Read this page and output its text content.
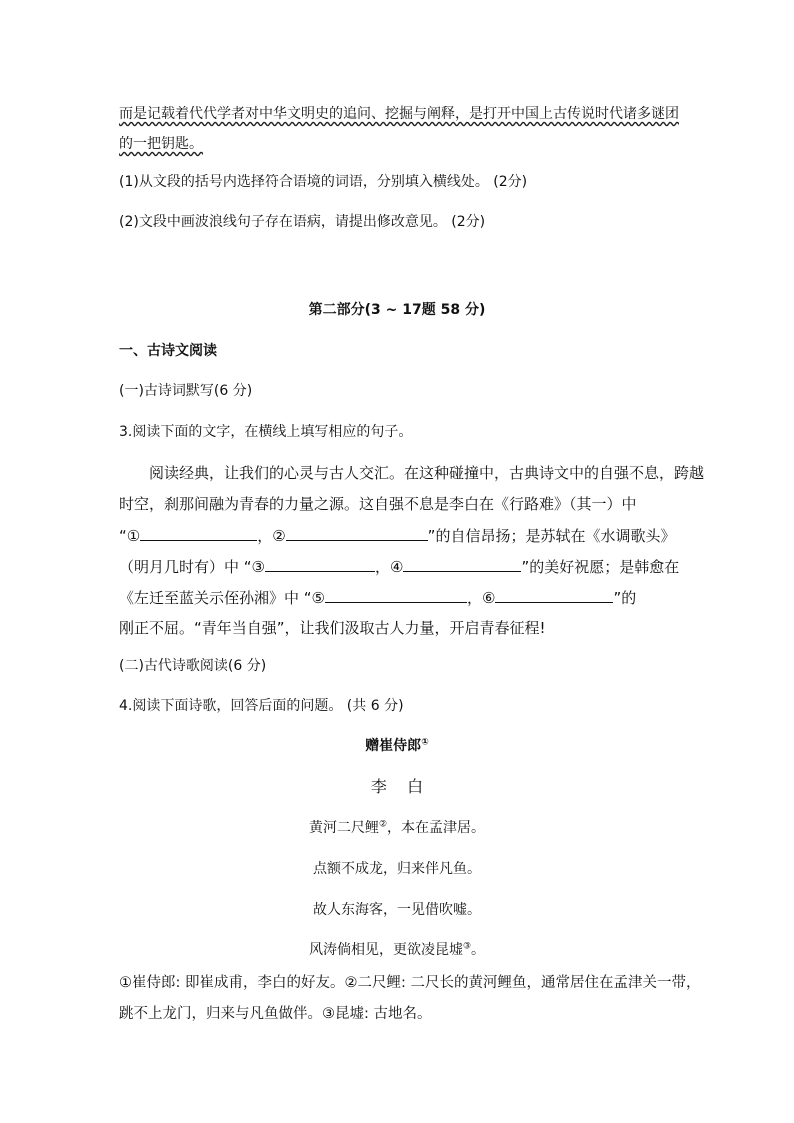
而是记载着代代学者对中华文明史的追问、挖掘与阐释，是打开中国上古传说时代诸多谜团
的一把钥匙。
(1)从文段的括号内选择符合语境的词语，分别填入横线处。 (2分)
(2)文段中画波浪线句子存在语病，请提出修改意见。 (2分)
第二部分(3 ~ 17题 58 分)
一、古诗文阅读
(一)古诗词默写(6 分)
3.阅读下面的文字，在横线上填写相应的句子。
阅读经典，让我们的心灵与古人交汇。在这种碰撞中，古典诗文中的自强不息，跨越
时空，刹那间融为青春的力量之源。这自强不息是李白在《行路难》（其一）中
“①	，②	”的自信昂扬；是苏轼在《水调歌头》
（明月几时有）中 “③	，④	”的美好祝愿；是韩愈在
《左迁至蓝关示侄孙湘》中 “⑤	，⑥	”的
刚正不屈。“青年当自强”，让我们汲取古人力量，开启青春征程!
(二)古代诗歌阅读(6 分)
4.阅读下面诗歌，回答后面的问题。 (共 6 分)
赠崔侍郎①
李    白
黄河二尺鲤②，本在孟津居。
点额不成龙，归来伴凡鱼。
故人东海客，一见借吹嘘。
风涛倘相见，更欲凌昆墟③。
①崔侍郎: 即崔成甫，李白的好友。②二尺鲤: 二尺长的黄河鲤鱼，通常居住在孟津关一带，
跳不上龙门，归来与凡鱼做伴。③昆墟: 古地名。
